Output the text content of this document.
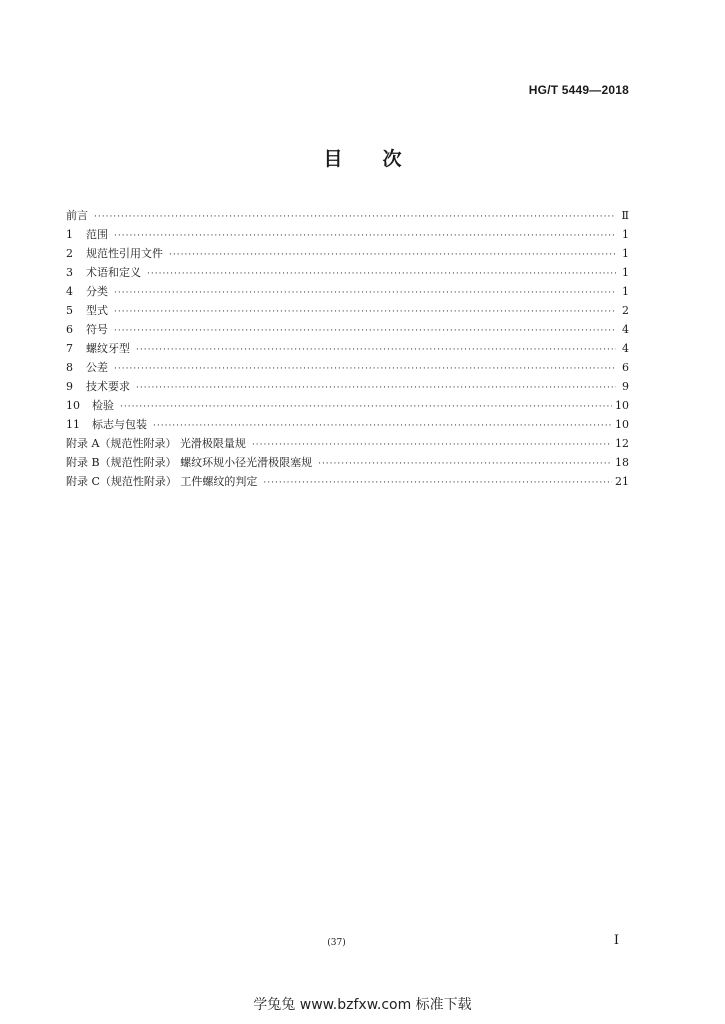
HG/T 5449—2018
目 次
前言 ·····	Ⅱ
1	范围 ·····	1
2	规范性引用文件 ·····	1
3	术语和定义 ·····	1
4	分类 ·····	1
5	型式 ·····	2
6	符号 ·····	4
7	螺纹牙型 ·····	4
8	公差 ·····	6
9	技术要求 ·····	9
10	检验 ·····	10
11	标志与包装 ·····	10
附录 A（规范性附录） 光滑极限量规 ·····	12
附录 B（规范性附录） 螺纹环规小径光滑极限塞规 ·····	18
附录 C（规范性附录） 工件螺纹的判定 ·····	21
(37)	I
学兔兔 www.bzfxw.com 标准下载
